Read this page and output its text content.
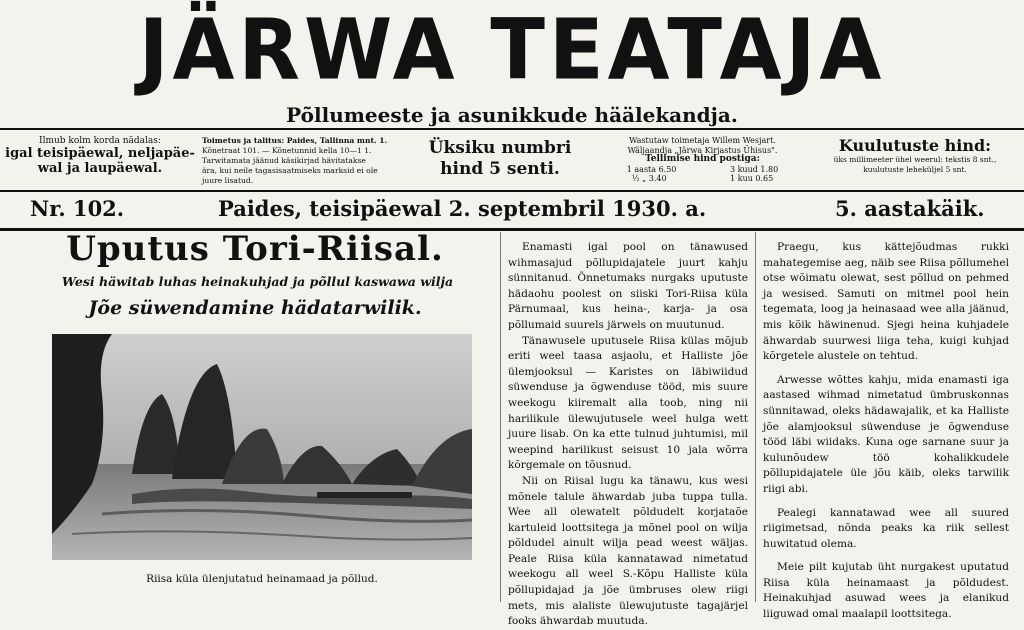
JÄRWA TEATAJA
Põllumeeste ja asunikkude häälekandja.
Ilmub kolm korda nädalas:
igal teisipäewal, neljapäe-
wal ja laupäewal.
Toimetus ja talitus: Paides, Tallinna mnt. 1.
Kõnetraat 101. — Kõnetunnid kella 10—1 1.
Tarwitamata jäänud käsikirjad hävitatakse
ära, kui neile tagasisaatmiseks marksid ei ole
juure lisatud.
Üksiku numbri
hind 5 senti.
Wastutaw toimetaja Willem Wesjart.
Wäljaandja „Järwa Kirjastus Ühisus".
Tellimise hind postiga:
1 aasta 6.50	3 kuud 1.80
½ „ 3.40	1 kuu 0.65
Kuulutuste hind:
üks millimeeter ühel weerul: tekstis 8 snt.,
kuulutuste leheküljel 5 snt.
Nr. 102.	Paides, teisipäewal 2. septembril 1930. a.	5. aastakäik.
Uputus Tori-Riisal.
Wesi häwitab luhas heinakuhjad ja põllul kaswawa wilja
Jõe süwendamine hädatarwilik.
Riisa küla ülenjutatud heinamaad ja põllud.

Enamasti igal pool on tänawused wihmasajud põllupidajatele juurt kahju sünnitanud. Õnnetumaks nurgaks uputuste hädaohu poolest on siiski Tori-Riisa küla Pärnumaal, kus heina-, karja- ja osa põllumaid suurels järwels on muutunud.

Tänawusele uputusele Riisa külas mõjub eriti weel taasa asjaolu, et Halliste jõe ülemjooksul — Karistes on läbiwiidud süwenduse ja õgwenduse tööd, mis suure weekogu kiiremalt alla toob, ning nii harilikule ülewujutusele weel hulga wett juure lisab. On ka ette tulnud juhtumisi, mil weepind harilikust seisust 10 jala wõrra kõrgemale on tõusnud.

Nii on Riisal lugu ka tänawu, kus wesi mõnele talule ähwardab juba tuppa tulla. Wee all olewatelt põldudelt korjataõe kartuleid loottsitega ja mõnel pool on wilja põldudel ainult wilja pead weest wäljas. Peale Riisa küla kannatawad nimetatud weekogu all weel S.-Kõpu Halliste küla põllupidajad ja jõe ümbruses olew riigi mets, mis alaliste ülewujutuste tagajärjel fooks ähwardab muutuda.

Praegu, kus kättejõudmas rukki mahategemise aeg, näib see Riisa põllumehel otse wõimatu olewat, sest põllud on pehmed ja wesised. Samuti on mitmel pool hein tegemata, loog ja heinasaad wee alla jäänud, mis kõik häwinenud. Sjegi heina kuhjadele ähwardab suurwesi liiga teha, kuigi kuhjad kõrgetele alustele on tehtud.

Arwesse wõttes kahju, mida enamasti iga aastased wihmad nimetatud ümbruskonnas sünnitawad, oleks hädawajalik, et ka Halliste jõe alamjooksul süwenduse je õgwenduse tööd läbi wiidaks. Kuna oge sarnane suur ja kulunõudew töö kohalikkudele põllupidajatele üle jõu käib, oleks tarwilik riigi abi.

Pealegi kannatawad wee all suured riigimetsad, nõnda peaks ka riik sellest huwitatud olema.

Meie pilt kujutab üht nurgakest uputatud Riisa küla heinamaast ja põldudest. Heinakuhjad asuwad wees ja elanikud liiguwad omal maalapil loottsitega.
